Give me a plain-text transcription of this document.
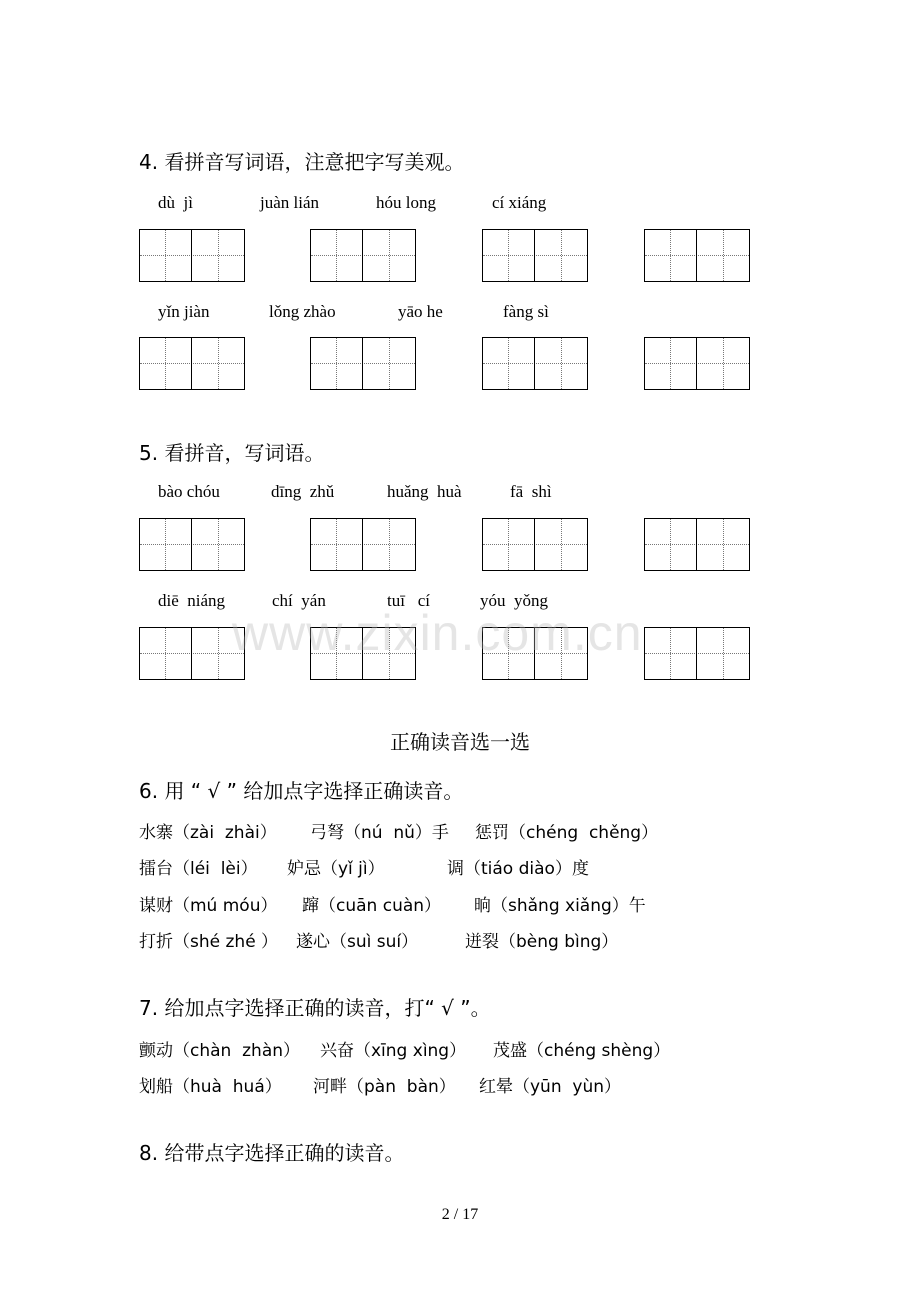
4. 看拼音写词语，注意把字写美观。
dù  jì	juàn lián	hóu long	cí xiáng
yǐn jiàn	lǒng zhào	yāo he	fàng sì
5. 看拼音，写词语。
bào chóu	dīng  zhǔ	huǎng  huà	fā  shì
diē  niáng	chí  yán	tuī   cí	yóu  yǒng
www.zixin.com.cn
正确读音选一选
6. 用 “ √ ” 给加点字选择正确读音。
水寨（zài  zhài） 弓弩（nú  nǔ）手 惩罚（chéng  chěng）
擂台（léi  lèi） 妒忌（yǐ jì）	调（tiáo diào）度
谋财（mú móu） 蹿（cuān cuàn） 晌（shǎng xiǎng）午
打折（shé zhé ） 遂心（suì suí）	迸裂（bèng bìng）
7. 给加点字选择正确的读音，打“ √ ”。
颤动（chàn  zhàn） 兴奋（xīng xìng） 茂盛（chéng shèng）
划船（huà  huá） 河畔（pàn  bàn） 红晕（yūn  yùn）
8. 给带点字选择正确的读音。
2 / 17
